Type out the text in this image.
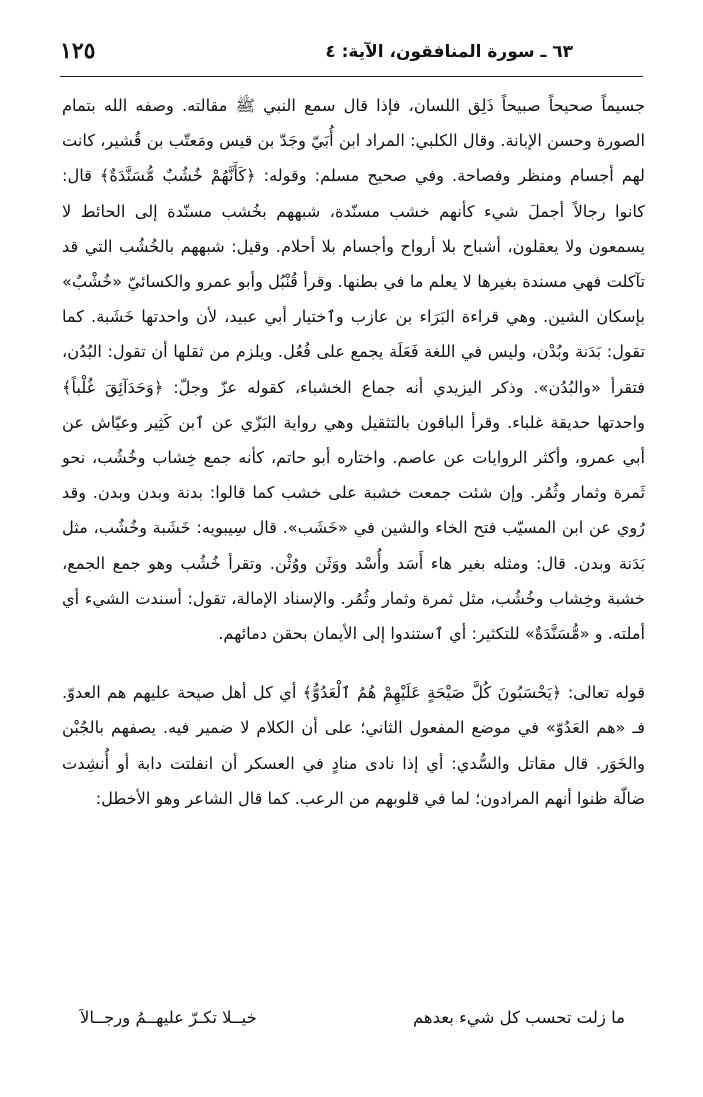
٦٣ ـ سورة المنافقون، الآية: ٤
١٢٥

جسيماً صحيحاً صبيحاً ذَلِق اللسان، فإذا قال سمع النبي ﷺ مقالته. وصفه الله بتمام الصورة وحسن الإبانة. وقال الكلبي: المراد ابن أُبَيّ وجَدّ بن قيس ومَعتّب بن قُشير، كانت لهم أجسام ومنظر وفصاحة. وفي صحيح مسلم: وقوله: ﴿كَأَنَّهُمْ خُشُبٌ مُّسَنَّدَةٌ﴾ قال: كانوا رجالاً أجملَ شيء كأنهم خشب مسنّدة، شبههم بخُشب مسنّدة إلى الحائط لا يسمعون ولا يعقلون، أشباح بلا أرواح وأجسام بلا أحلام. وقيل: شبههم بالخُشُب التي قد تآكلت فهي مسندة بغيرها لا يعلم ما في بطنها. وقرأ قُنْبُل وأبو عمرو والكسائيّ «خُشْبٌ» بإسكان الشين. وهي قراءة البَرَاء بن عازب وٱختيار أبي عبيد، لأن واحدتها خَشَبة. كما تقول: بَدَنة وبُدْن، وليس في اللغة فَعَلَة يجمع على فُعُل. ويلزم من ثقلها أن تقول: البُدُن، فتقرأ «والبُدُن». وذكر اليزيدي أنه جماع الخشباء، كقوله عزّ وجلّ: ﴿وَحَدَآئِقَ غُلْباً﴾ واحدتها حديقة غلباء. وقرأ الباقون بالتثقيل وهي رواية البَزّي عن ٱبن كَثِير وعيّاش عن أبي عمرو، وأكثر الروايات عن عاصم. واختاره أبو حاتم، كأنه جمع خِشاب وخُشُب، نحو ثَمرة وثمار وثُمُر. وإن شئت جمعت خشبة على خشب كما قالوا: بدنة وبدن وبدن. وقد رُوي عن ابن المسيّب فتح الخاء والشين في «خَشَب». قال سِيبويه: خَشَبة وخُشُب، مثل بَدَنة وبدن. قال: ومثله بغير هاء أَسَد وأُسْد ووَثَن ووُثْن. وتقرأ خُشُب وهو جمع الجمع، خشبة وخِشاب وخُشُب، مثل ثمرة وثمار وثُمُر. والإسناد الإمالة، تقول: أسندت الشيء أي أملته. و «مُّسَنَّدَةٌ» للتكثير: أي ٱستندوا إلى الأيمان بحقن دمائهم.

قوله تعالى: ﴿يَحْسَبُونَ كُلَّ صَيْحَةٍ عَلَيْهِمْ هُمُ ٱلْعَدُوُّ﴾ أي كل أهل صيحة عليهم هم العدوّ. فـ «هم العَدُوّ» في موضع المفعول الثاني؛ على أن الكلام لا ضمير فيه. يصفهم بالجُبْن والخَوَر. قال مقاتل والسُّدي: أي إذا نادى منادٍ في العسكر أن انفلتت دابة أو أُنشِدت ضالّة ظنوا أنهم المرادون؛ لما في قلوبهم من الرعب. كما قال الشاعر وهو الأخطل:

ما زلت تحسب كل شيء بعدهم
خيــلا تكـرّ عليهــمُ ورجــالاَ
